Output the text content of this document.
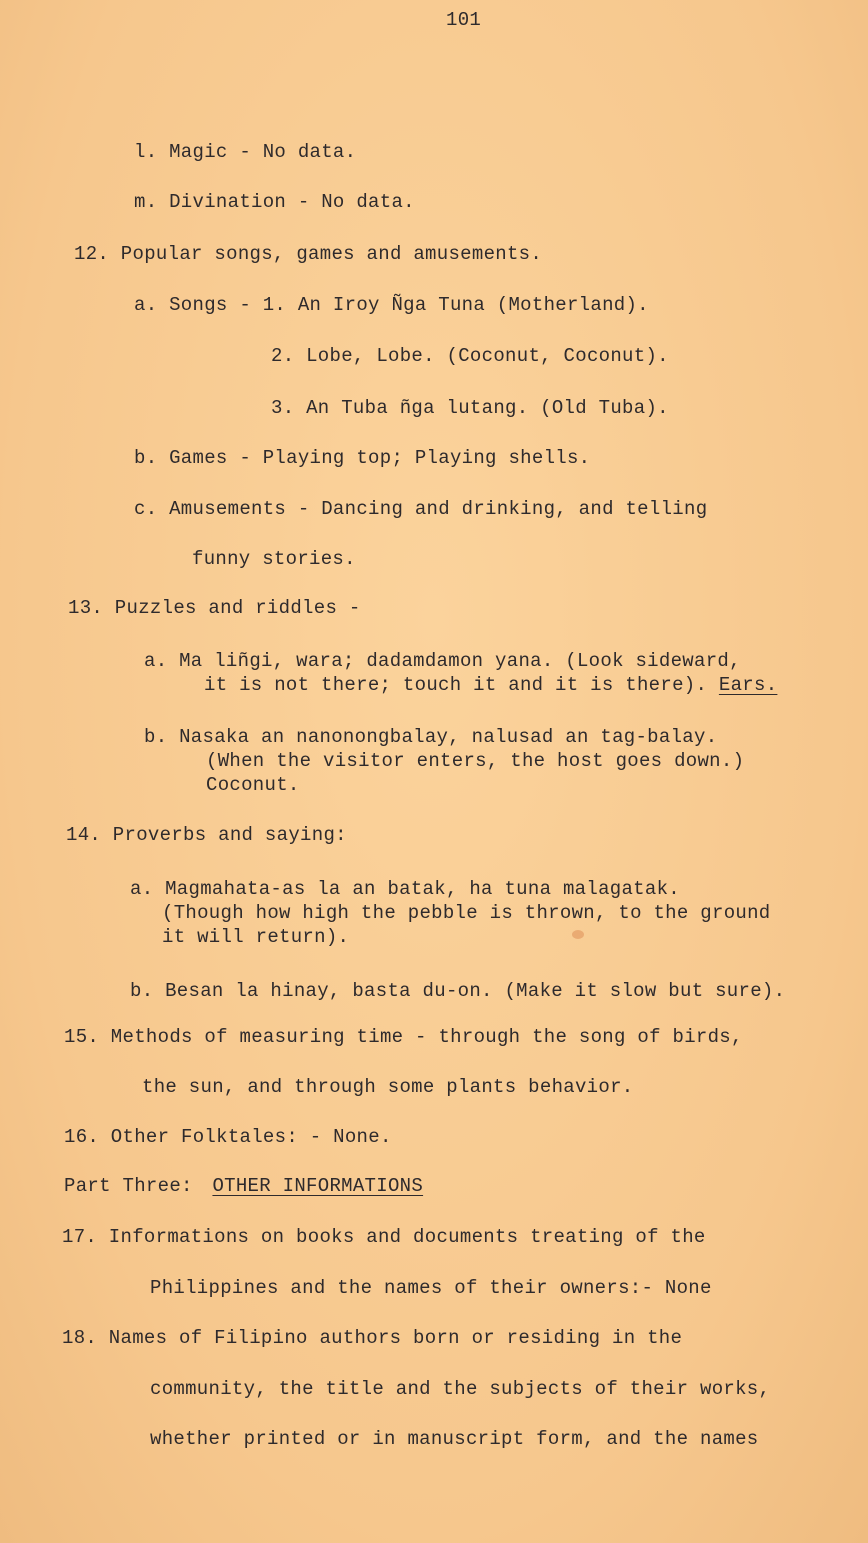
101
l. Magic - No data.
m. Divination - No data.
12. Popular songs, games and amusements.
a. Songs - 1. An Iroy Ñga Tuna (Motherland).
2. Lobe, Lobe. (Coconut, Coconut).
3. An Tuba ñga lutang. (Old Tuba).
b. Games - Playing top; Playing shells.
c. Amusements - Dancing and drinking, and telling
funny stories.
13. Puzzles and riddles -
a. Ma liñgi, wara; dadamdamon yana. (Look sideward,
it is not there; touch it and it is there). Ears.
b. Nasaka an nanonongbalay, nalusad an tag-balay.
(When the visitor enters, the host goes down.)
Coconut.
14. Proverbs and saying:
a. Magmahata-as la an batak, ha tuna malagatak.
(Though how high the pebble is thrown, to the ground
it will return).
b. Besan la hinay, basta du-on. (Make it slow but sure).
15. Methods of measuring time - through the song of birds,
the sun, and through some plants behavior.
16. Other Folktales: - None.
Part Three: OTHER INFORMATIONS
17. Informations on books and documents treating of the
Philippines and the names of their owners:- None
18. Names of Filipino authors born or residing in the
community, the title and the subjects of their works,
whether printed or in manuscript form, and the names
